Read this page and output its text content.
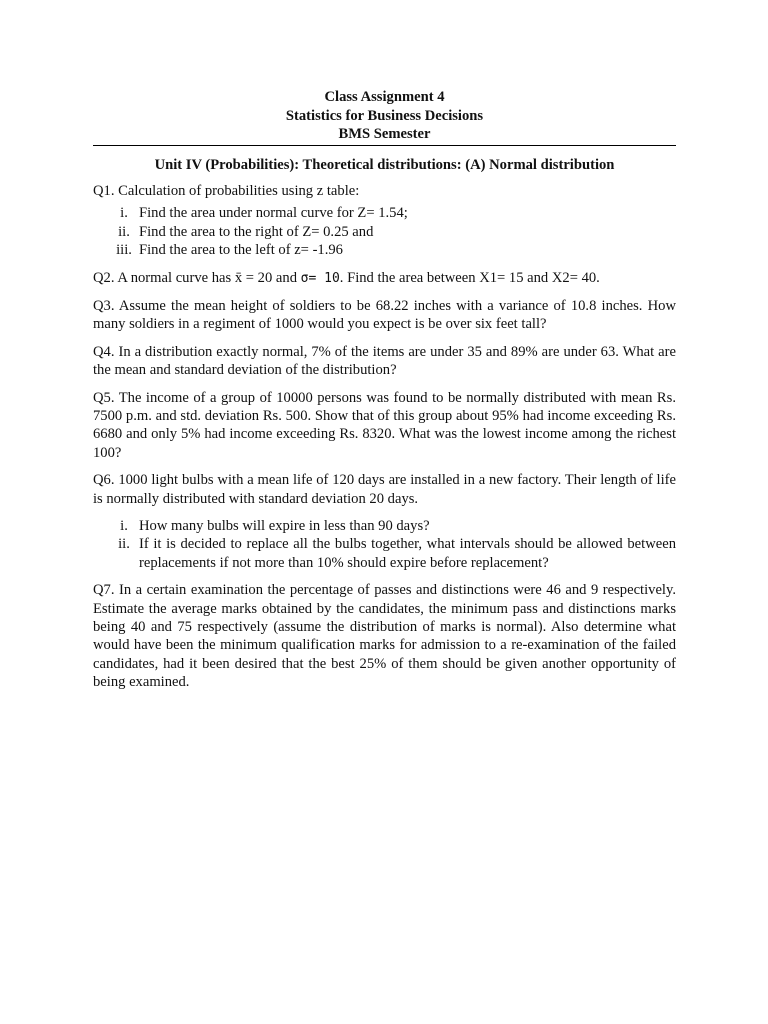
Class Assignment 4
Statistics for Business Decisions
BMS Semester
Unit IV (Probabilities): Theoretical distributions: (A) Normal distribution
Q1. Calculation of probabilities using z table:
i. Find the area under normal curve for Z= 1.54;
ii. Find the area to the right of Z= 0.25 and
iii. Find the area to the left of z= -1.96
Q2. A normal curve has x̄ = 20 and σ= 10. Find the area between X1= 15 and X2= 40.
Q3. Assume the mean height of soldiers to be 68.22 inches with a variance of 10.8 inches. How many soldiers in a regiment of 1000 would you expect is be over six feet tall?
Q4. In a distribution exactly normal, 7% of the items are under 35 and 89% are under 63. What are the mean and standard deviation of the distribution?
Q5. The income of a group of 10000 persons was found to be normally distributed with mean Rs. 7500 p.m. and std. deviation Rs. 500. Show that of this group about 95% had income exceeding Rs. 6680 and only 5% had income exceeding Rs. 8320. What was the lowest income among the richest 100?
Q6. 1000 light bulbs with a mean life of 120 days are installed in a new factory. Their length of life is normally distributed with standard deviation 20 days.
i. How many bulbs will expire in less than 90 days?
ii. If it is decided to replace all the bulbs together, what intervals should be allowed between replacements if not more than 10% should expire before replacement?
Q7. In a certain examination the percentage of passes and distinctions were 46 and 9 respectively. Estimate the average marks obtained by the candidates, the minimum pass and distinctions marks being 40 and 75 respectively (assume the distribution of marks is normal). Also determine what would have been the minimum qualification marks for admission to a re-examination of the failed candidates, had it been desired that the best 25% of them should be given another opportunity of being examined.
